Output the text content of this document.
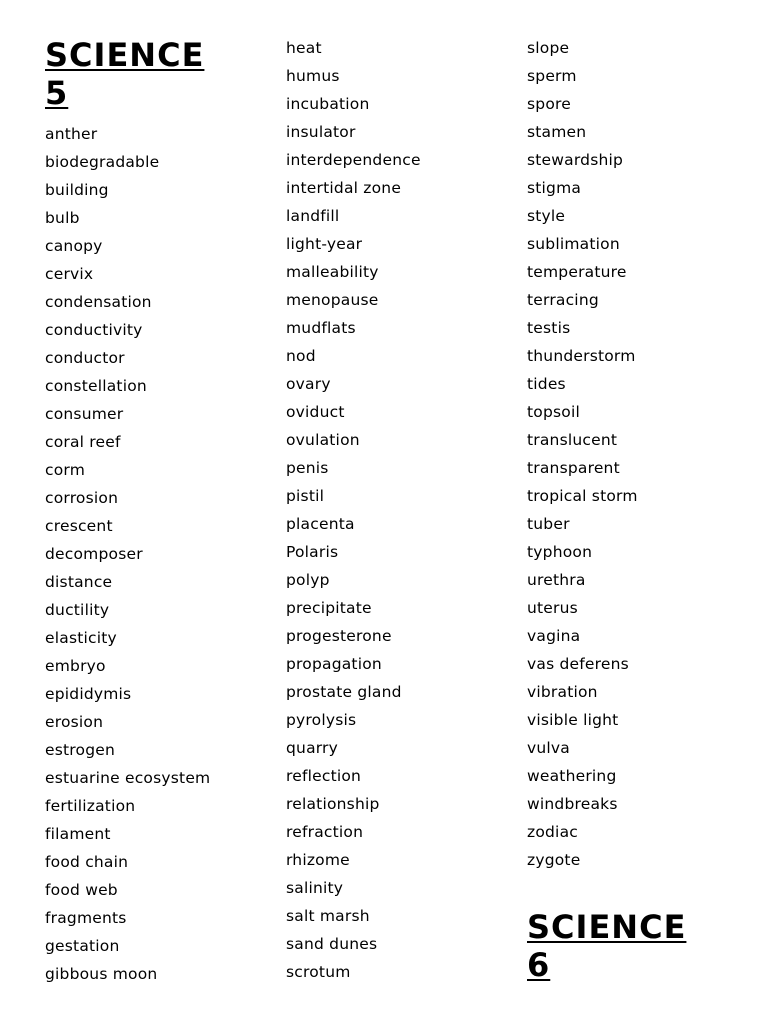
SCIENCE 5
anther
biodegradable
building
bulb
canopy
cervix
condensation
conductivity
conductor
constellation
consumer
coral reef
corm
corrosion
crescent
decomposer
distance
ductility
elasticity
embryo
epididymis
erosion
estrogen
estuarine ecosystem
fertilization
filament
food chain
food web
fragments
gestation
gibbous moon
heat
humus
incubation
insulator
interdependence
intertidal zone
landfill
light-year
malleability
menopause
mudflats
nod
ovary
oviduct
ovulation
penis
pistil
placenta
Polaris
polyp
precipitate
progesterone
propagation
prostate gland
pyrolysis
quarry
reflection
relationship
refraction
rhizome
salinity
salt marsh
sand dunes
scrotum
slope
sperm
spore
stamen
stewardship
stigma
style
sublimation
temperature
terracing
testis
thunderstorm
tides
topsoil
translucent
transparent
tropical storm
tuber
typhoon
urethra
uterus
vagina
vas deferens
vibration
visible light
vulva
weathering
windbreaks
zodiac
zygote
SCIENCE 6
